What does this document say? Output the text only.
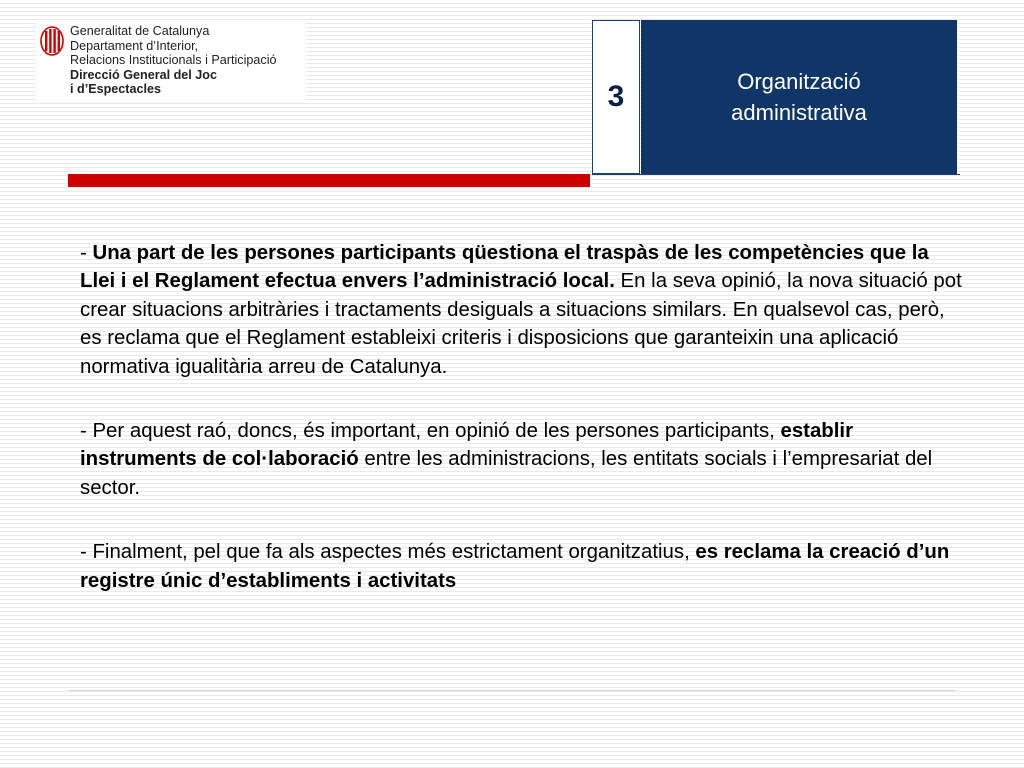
Generalitat de Catalunya
Departament d’Interior,
Relacions Institucionals i Participació
Direcció General del Joc
i d’Espectacles	3	Organització administrativa

- Una part de les persones participants qüestiona el traspàs de les competències que la Llei i el Reglament efectua envers l’administració local. En la seva opinió, la nova situació pot crear situacions arbitràries i tractaments desiguals a situacions similars. En qualsevol cas, però, es reclama que el Reglament estableixi criteris i disposicions que garanteixin una aplicació normativa igualitària arreu de Catalunya.

- Per aquest raó, doncs, és important, en opinió de les persones participants, establir instruments de col·laboració entre les administracions, les entitats socials i l’empresariat del sector.

- Finalment, pel que fa als aspectes més estrictament organitzatius, es reclama la creació d’un registre únic d’establiments i activitats
